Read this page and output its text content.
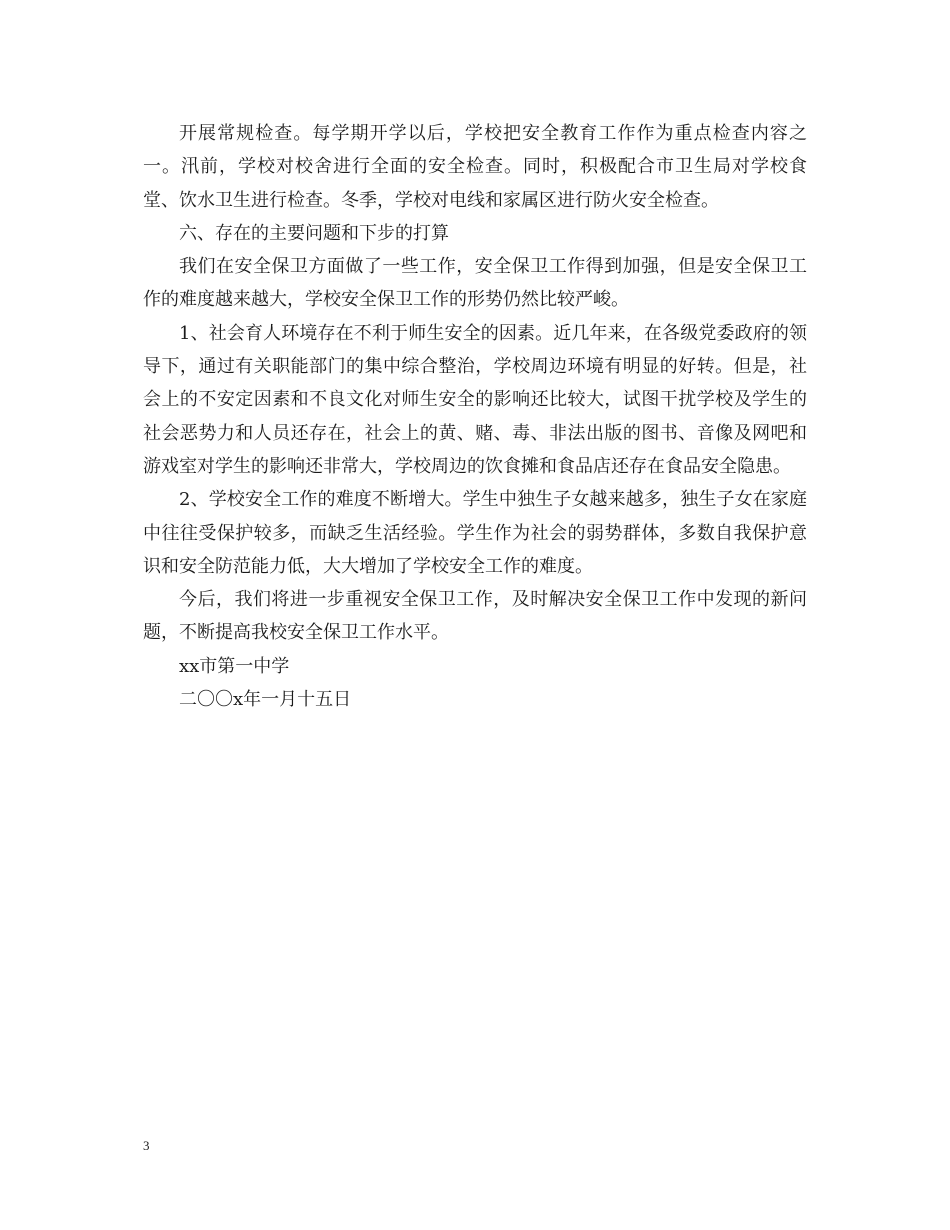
开展常规检查。每学期开学以后，学校把安全教育工作作为重点检查内容之一。汛前，学校对校舍进行全面的安全检查。同时，积极配合市卫生局对学校食堂、饮水卫生进行检查。冬季，学校对电线和家属区进行防火安全检查。

六、存在的主要问题和下步的打算

我们在安全保卫方面做了一些工作，安全保卫工作得到加强，但是安全保卫工作的难度越来越大，学校安全保卫工作的形势仍然比较严峻。

1、社会育人环境存在不利于师生安全的因素。近几年来，在各级党委政府的领导下，通过有关职能部门的集中综合整治，学校周边环境有明显的好转。但是，社会上的不安定因素和不良文化对师生安全的影响还比较大，试图干扰学校及学生的社会恶势力和人员还存在，社会上的黄、赌、毒、非法出版的图书、音像及网吧和游戏室对学生的影响还非常大，学校周边的饮食摊和食品店还存在食品安全隐患。

2、学校安全工作的难度不断增大。学生中独生子女越来越多，独生子女在家庭中往往受保护较多，而缺乏生活经验。学生作为社会的弱势群体，多数自我保护意识和安全防范能力低，大大增加了学校安全工作的难度。

今后，我们将进一步重视安全保卫工作，及时解决安全保卫工作中发现的新问题，不断提高我校安全保卫工作水平。

xx市第一中学

二〇〇x年一月十五日

3
